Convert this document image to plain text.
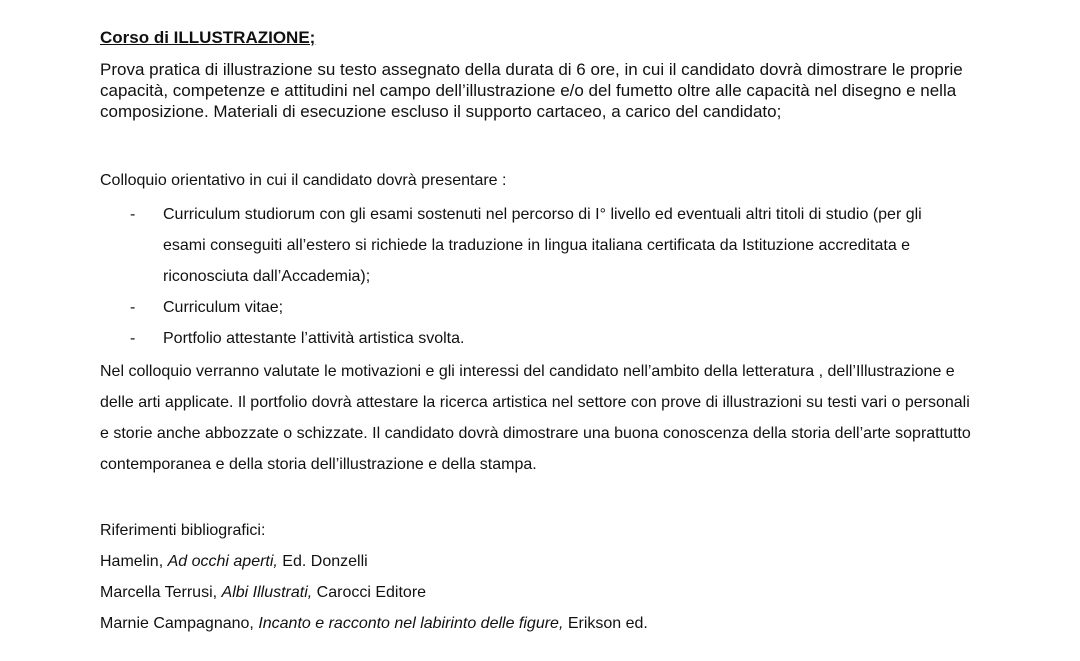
Corso di ILLUSTRAZIONE;

Prova pratica di illustrazione su testo assegnato della durata di 6 ore, in cui il candidato dovrà dimostrare le proprie capacità, competenze e attitudini nel campo dell’illustrazione e/o del fumetto oltre alle capacità nel disegno e nella composizione. Materiali di esecuzione escluso il supporto cartaceo, a carico del candidato;

Colloquio orientativo in cui il candidato dovrà presentare :

- Curriculum studiorum con gli esami sostenuti nel percorso di I° livello ed eventuali altri titoli di studio (per gli esami conseguiti all’estero si richiede la traduzione in lingua italiana certificata da Istituzione accreditata e riconosciuta dall’Accademia);
- Curriculum vitae;
- Portfolio attestante l’attività artistica svolta.

Nel colloquio verranno valutate le motivazioni e gli interessi del candidato nell’ambito della letteratura , dell’Illustrazione e delle arti applicate. Il portfolio dovrà attestare la ricerca artistica nel settore con prove di illustrazioni su testi vari o personali e storie anche abbozzate o schizzate. Il candidato dovrà dimostrare una buona conoscenza della storia dell’arte soprattutto contemporanea e della storia dell’illustrazione e della stampa.

Riferimenti bibliografici:

Hamelin, Ad occhi aperti, Ed. Donzelli
Marcella Terrusi, Albi Illustrati, Carocci Editore
Marnie Campagnano, Incanto e racconto nel labirinto delle figure, Erikson ed.
